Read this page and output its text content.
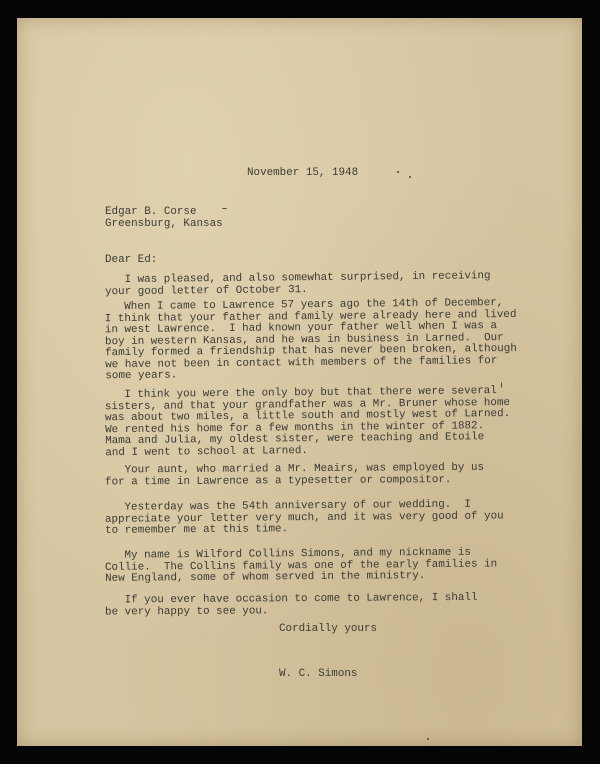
November 15, 1948
Edgar B. Corse
Greensburg, Kansas
Dear Ed:
I was pleased, and also somewhat surprised, in receiving
your good letter of October 31.
When I came to Lawrence 57 years ago the 14th of December,
I think that your father and family were already here and lived
in west Lawrence.  I had known your father well when I was a
boy in western Kansas, and he was in business in Larned.  Our
family formed a friendship that has never been broken, although
we have not been in contact with members of the families for
some years.
I think you were the only boy but that there were several
sisters, and that your grandfather was a Mr. Bruner whose home
was about two miles, a little south and mostly west of Larned.
We rented his home for a few months in the winter of 1882.
Mama and Julia, my oldest sister, were teaching and Etoile
and I went to school at Larned.
Your aunt, who married a Mr. Meairs, was employed by us
for a time in Lawrence as a typesetter or compositor.
Yesterday was the 54th anniversary of our wedding.  I
appreciate your letter very much, and it was very good of you
to remember me at this time.
My name is Wilford Collins Simons, and my nickname is
Collie.  The Collins family was one of the early families in
New England, some of whom served in the ministry.
If you ever have occasion to come to Lawrence, I shall
be very happy to see you.
Cordially yours
W. C. Simons
